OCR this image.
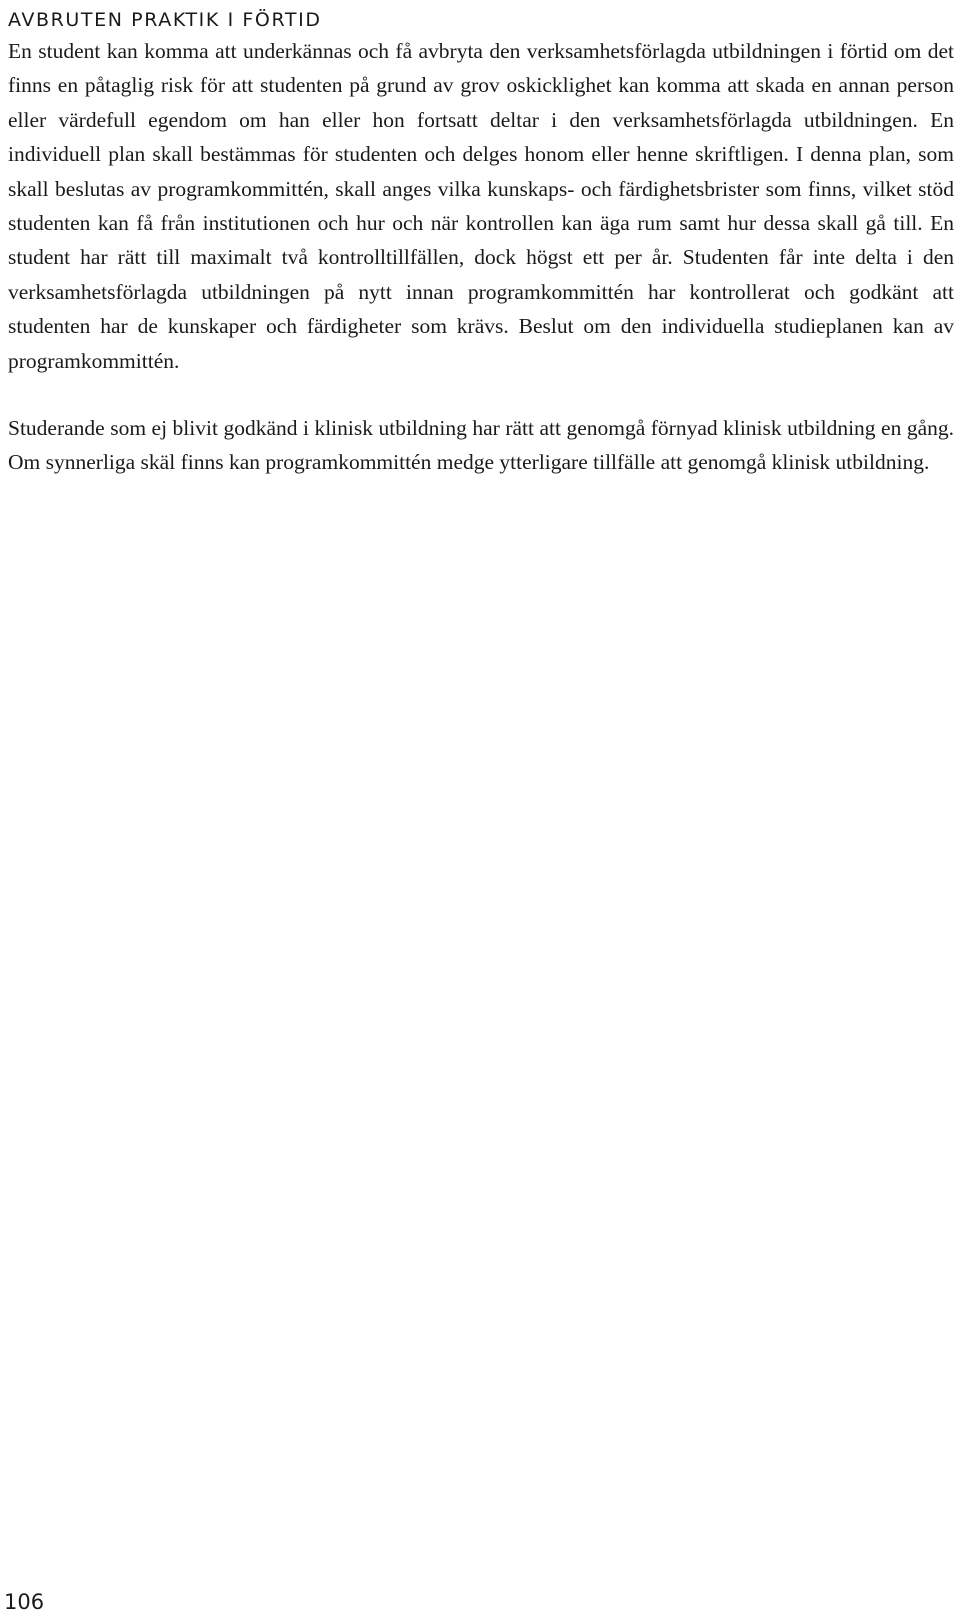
AVBRUTEN PRAKTIK I FÖRTID

En student kan komma att underkännas och få avbryta den verksamhetsförlagda utbildningen i förtid om det finns en påtaglig risk för att studenten på grund av grov oskicklighet kan komma att skada en annan person eller värdefull egendom om han eller hon fortsatt deltar i den verksamhetsförlagda utbildningen. En individuell plan skall bestämmas för studenten och delges honom eller henne skriftligen. I denna plan, som skall beslutas av programkommittén, skall anges vilka kunskaps- och färdighetsbrister som finns, vilket stöd studenten kan få från institutionen och hur och när kontrollen kan äga rum samt hur dessa skall gå till. En student har rätt till maximalt två kontrolltillfällen, dock högst ett per år. Studenten får inte delta i den verksamhetsförlagda utbildningen på nytt innan programkommittén har kontrollerat och godkänt att studenten har de kunskaper och färdigheter som krävs. Beslut om den individuella studieplanen kan av programkommittén.

Studerande som ej blivit godkänd i klinisk utbildning har rätt att genomgå förnyad klinisk utbildning en gång. Om synnerliga skäl finns kan programkommittén medge ytterligare tillfälle att genomgå klinisk utbildning.

106
